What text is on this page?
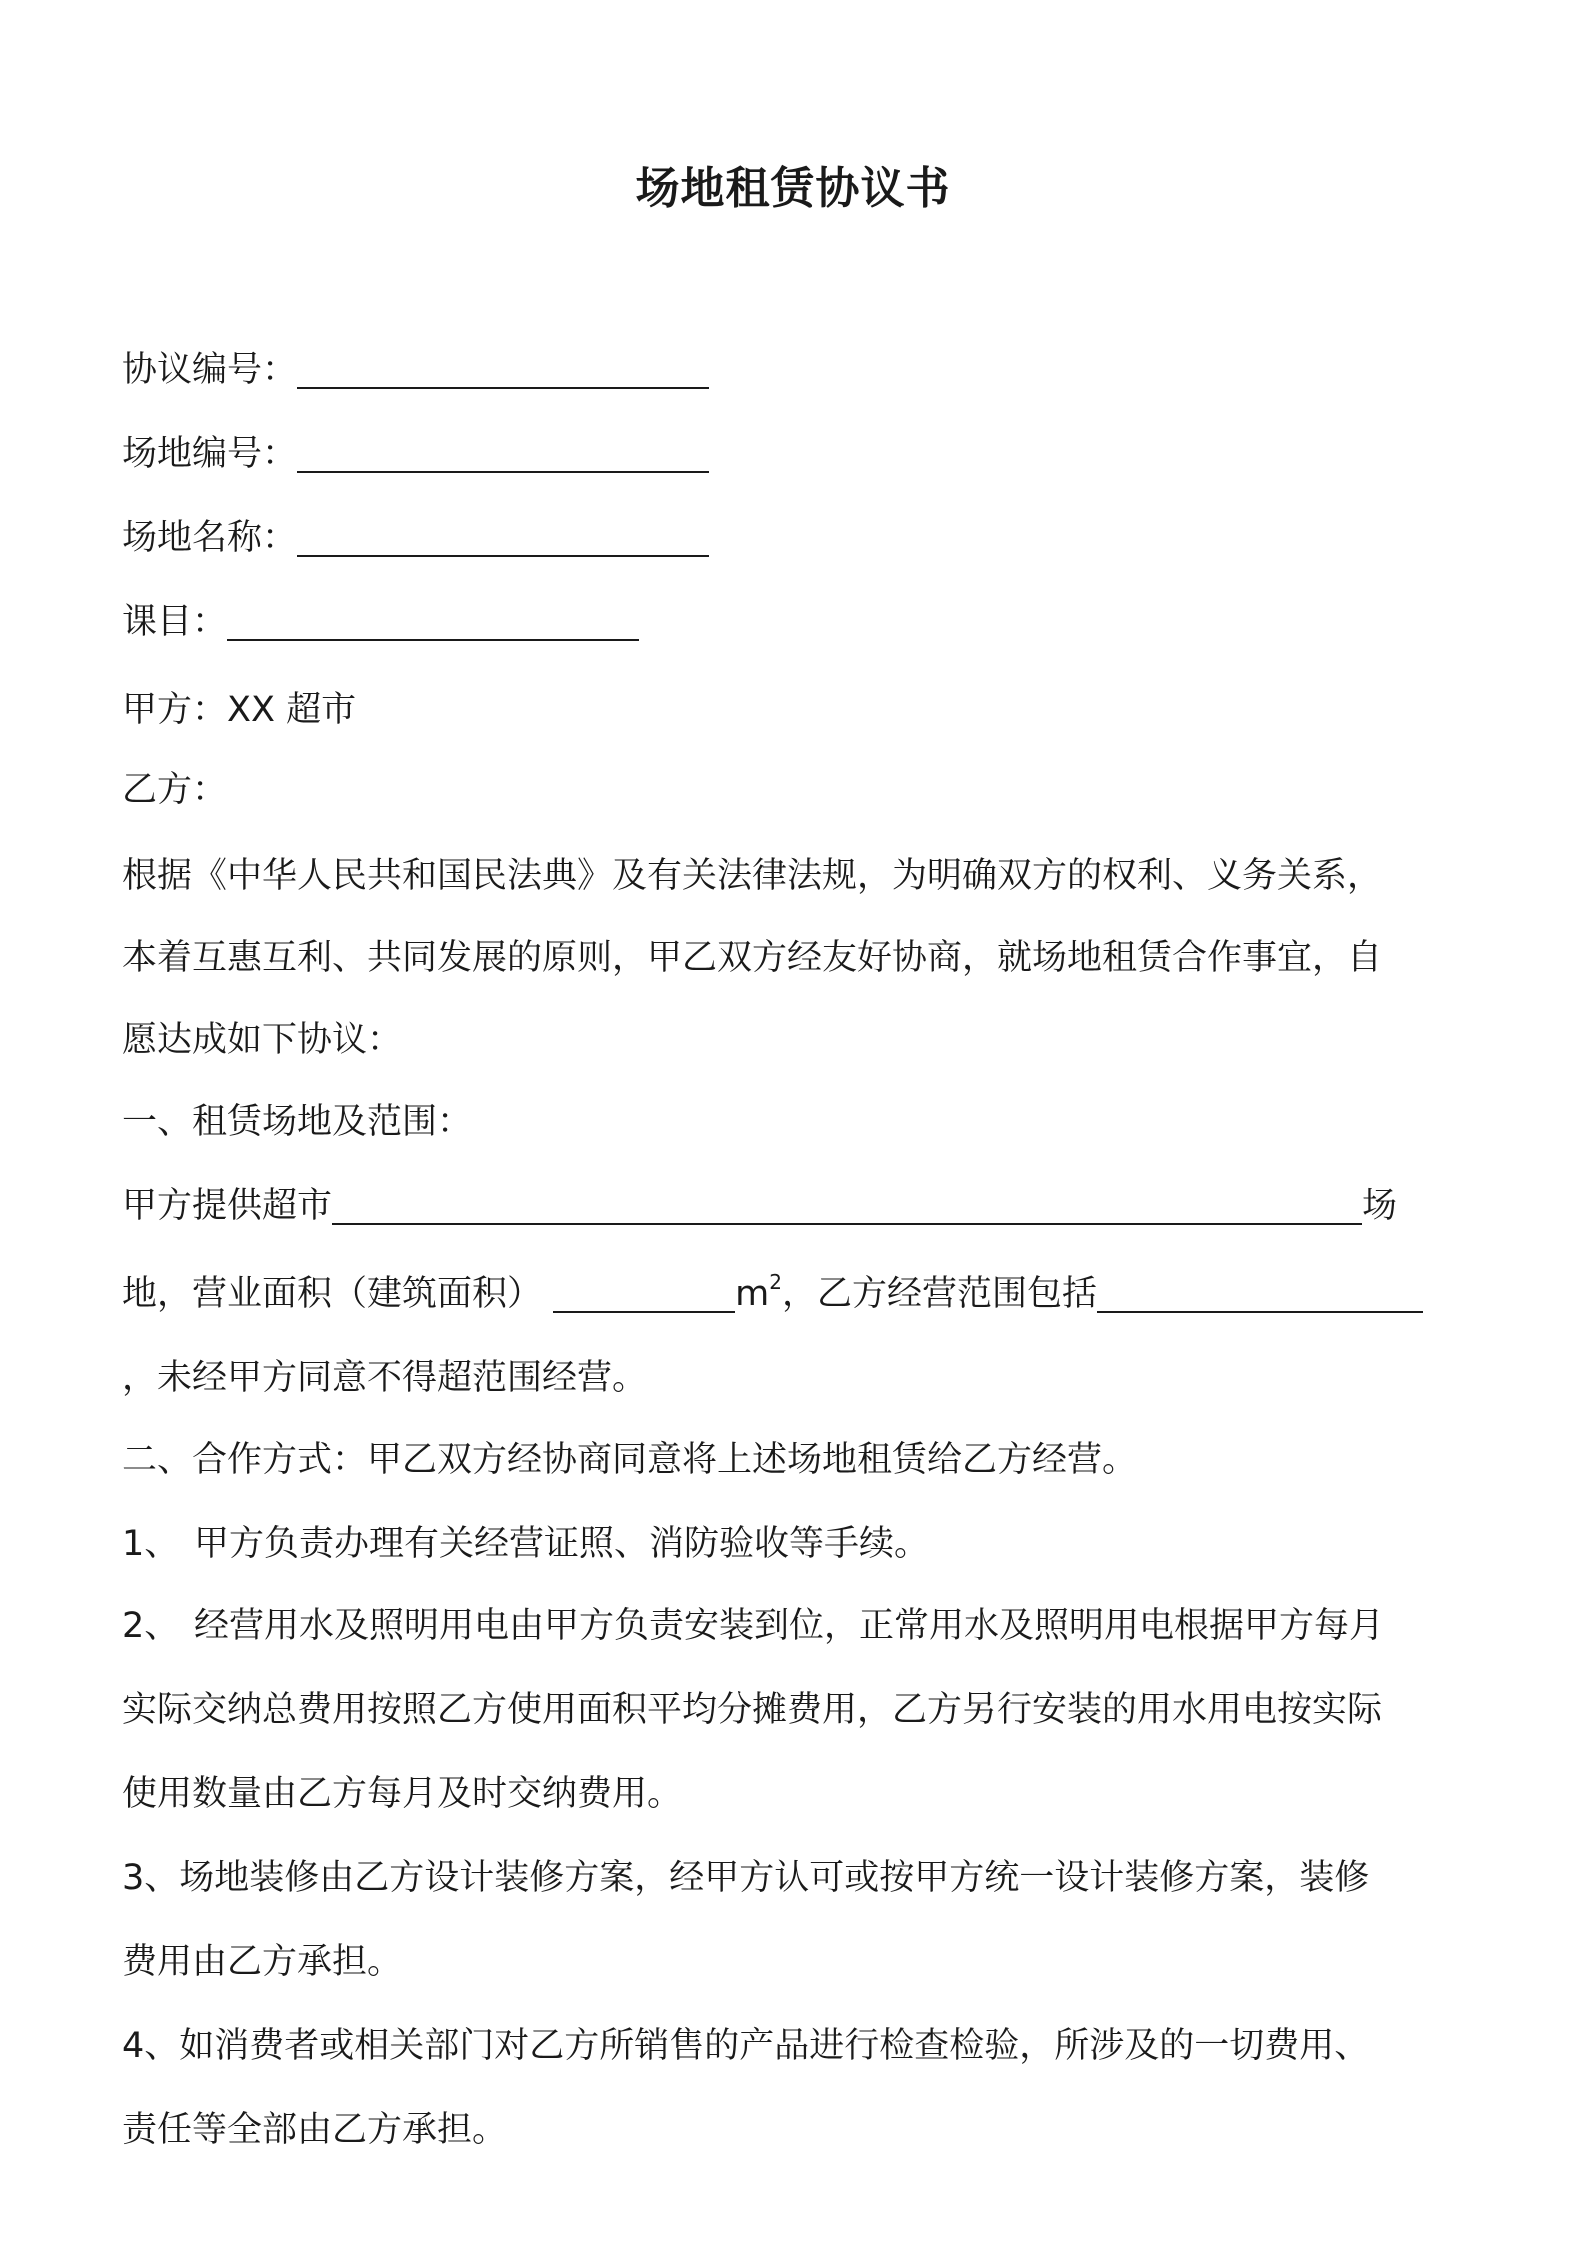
场地租赁协议书
协议编号：
场地编号：
场地名称：
课目：
甲方：XX 超市
乙方：
根据《中华人民共和国民法典》及有关法律法规，为明确双方的权利、义务关系，
本着互惠互利、共同发展的原则，甲乙双方经友好协商，就场地租赁合作事宜，自
愿达成如下协议：
一、租赁场地及范围：
甲方提供超市	场
地，营业面积（建筑面积）	$m^2$，乙方经营范围包括
，未经甲方同意不得超范围经营。
二、合作方式：甲乙双方经协商同意将上述场地租赁给乙方经营。
1、 甲方负责办理有关经营证照、消防验收等手续。
2、 经营用水及照明用电由甲方负责安装到位，正常用水及照明用电根据甲方每月
实际交纳总费用按照乙方使用面积平均分摊费用，乙方另行安装的用水用电按实际
使用数量由乙方每月及时交纳费用。
3、场地装修由乙方设计装修方案，经甲方认可或按甲方统一设计装修方案，装修
费用由乙方承担。
4、如消费者或相关部门对乙方所销售的产品进行检查检验，所涉及的一切费用、
责任等全部由乙方承担。
